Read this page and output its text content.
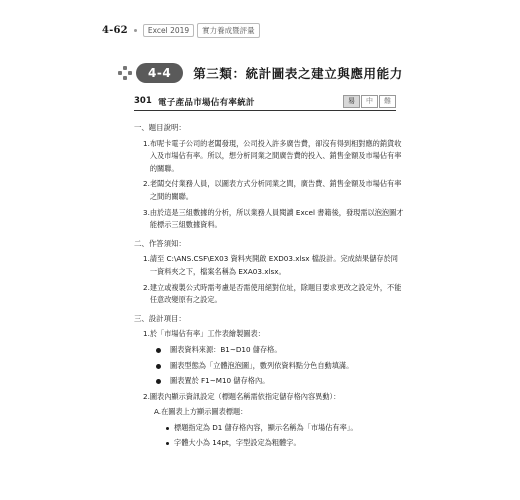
4-62	Excel 2019	實力養成暨評量
4-4	第三類：統計圖表之建立與應用能力
301 電子產品市場佔有率統計	易	中	難
一、題目說明：
1. 布呢卡電子公司的老闆發現，公司投入許多廣告費，卻沒有得到相對應的銷貨收入及市場佔有率。所以，想分析同業之間廣告費的投入、銷售金額及市場佔有率的關聯。
2. 老闆交付業務人員，以圖表方式分析同業之間，廣告費、銷售金額及市場佔有率之間的關聯。
3. 由於這是三組數據的分析，所以業務人員閱讀 Excel 書籍後，發現需以泡泡圖才能標示三組數據資料。
二、作答須知：
1. 請至 C:\ANS.CSF\EX03 資料夾開啟 EXD03.xlsx 檔設計。完成結果儲存於同一資料夾之下，檔案名稱為 EXA03.xlsx。
2. 建立或複製公式時需考慮是否需使用絕對位址，除題目要求更改之設定外，不能任意改變原有之設定。
三、設計項目：
1.於「市場佔有率」工作表繪製圖表：
圖表資料來源：B1~D10 儲存格。
圖表型態為「立體泡泡圖」，數列依資料點分色自動填滿。
圖表置於 F1~M10 儲存格內。
2.圖表內顯示資訊設定（標題名稱需依指定儲存格內容異動）：
A.在圖表上方顯示圖表標題：
標題指定為 D1 儲存格內容，顯示名稱為「市場佔有率」。
字體大小為 14pt，字型設定為粗體字。
